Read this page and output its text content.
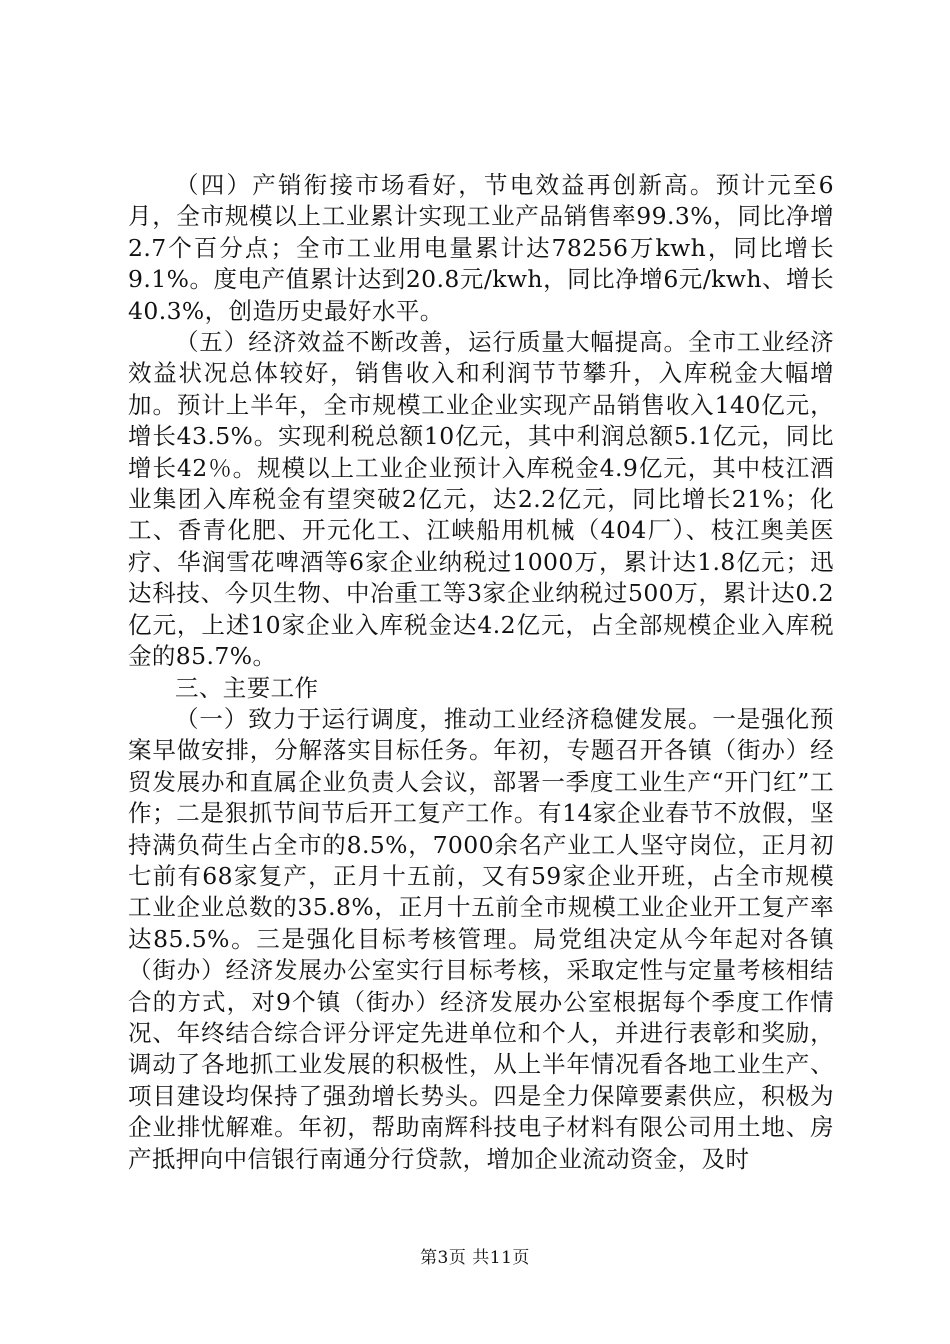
（四）产销衔接市场看好，节电效益再创新高。预计元至6月，全市规模以上工业累计实现工业产品销售率99.3%，同比净增2.7个百分点；全市工业用电量累计达78256万kwh，同比增长9.1%。度电产值累计达到20.8元/kwh，同比净增6元/kwh、增长40.3%，创造历史最好水平。

（五）经济效益不断改善，运行质量大幅提高。全市工业经济效益状况总体较好，销售收入和利润节节攀升，入库税金大幅增加。预计上半年，全市规模工业企业实现产品销售收入140亿元，增长43.5%。实现利税总额10亿元，其中利润总额5.1亿元，同比增长42％。规模以上工业企业预计入库税金4.9亿元，其中枝江酒业集团入库税金有望突破2亿元，达2.2亿元，同比增长21%；化工、香青化肥、开元化工、江峡船用机械（404厂）、枝江奥美医疗、华润雪花啤酒等6家企业纳税过1000万，累计达1.8亿元；迅达科技、今贝生物、中冶重工等3家企业纳税过500万，累计达0.2亿元，上述10家企业入库税金达4.2亿元，占全部规模企业入库税金的85.7%。

三、主要工作

（一）致力于运行调度，推动工业经济稳健发展。一是强化预案早做安排，分解落实目标任务。年初，专题召开各镇（街办）经贸发展办和直属企业负责人会议，部署一季度工业生产“开门红”工作；二是狠抓节间节后开工复产工作。有14家企业春节不放假，坚持满负荷生占全市的8.5%，7000余名产业工人坚守岗位，正月初七前有68家复产，正月十五前，又有59家企业开班，占全市规模工业企业总数的35.8%，正月十五前全市规模工业企业开工复产率达85.5%。三是强化目标考核管理。局党组决定从今年起对各镇（街办）经济发展办公室实行目标考核，采取定性与定量考核相结合的方式，对9个镇（街办）经济发展办公室根据每个季度工作情况、年终结合综合评分评定先进单位和个人，并进行表彰和奖励，调动了各地抓工业发展的积极性，从上半年情况看各地工业生产、项目建设均保持了强劲增长势头。四是全力保障要素供应，积极为企业排忧解难。年初，帮助南辉科技电子材料有限公司用土地、房产抵押向中信银行南通分行贷款，增加企业流动资金，及时

第3页 共11页
